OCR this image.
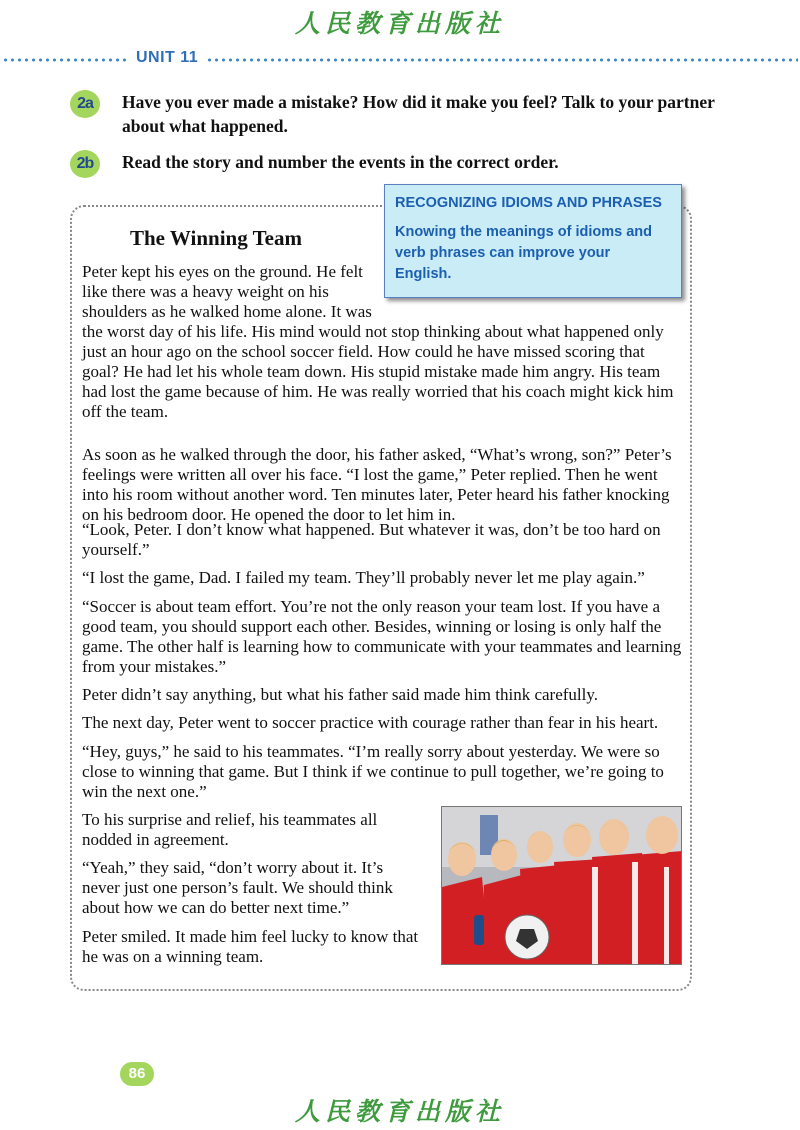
人民教育出版社
UNIT 11
2a	Have you ever made a mistake? How did it make you feel? Talk to your partner about what happened.
2b	Read the story and number the events in the correct order.
RECOGNIZING IDIOMS AND PHRASES
Knowing the meanings of idioms and verb phrases can improve your English.
The Winning Team
Peter kept his eyes on the ground. He felt
like there was a heavy weight on his
shoulders as he walked home alone. It was
the worst day of his life. His mind would not stop thinking about what happened only
just an hour ago on the school soccer field. How could he have missed scoring that
goal? He had let his whole team down. His stupid mistake made him angry. His team
had lost the game because of him. He was really worried that his coach might kick him
off the team.
As soon as he walked through the door, his father asked, “What’s wrong, son?” Peter’s feelings were written all over his face. “I lost the game,” Peter replied. Then he went into his room without another word. Ten minutes later, Peter heard his father knocking on his bedroom door. He opened the door to let him in.
“Look, Peter. I don’t know what happened. But whatever it was, don’t be too hard on yourself.”
“I lost the game, Dad. I failed my team. They’ll probably never let me play again.”
“Soccer is about team effort. You’re not the only reason your team lost. If you have a good team, you should support each other. Besides, winning or losing is only half the game. The other half is learning how to communicate with your teammates and learning from your mistakes.”
Peter didn’t say anything, but what his father said made him think carefully.
The next day, Peter went to soccer practice with courage rather than fear in his heart.
“Hey, guys,” he said to his teammates. “I’m really sorry about yesterday. We were so close to winning that game. But I think if we continue to pull together, we’re going to win the next one.”
To his surprise and relief, his teammates all nodded in agreement.
“Yeah,” they said, “don’t worry about it. It’s never just one person’s fault. We should think about how we can do better next time.”
Peter smiled. It made him feel lucky to know that he was on a winning team.
86
人民教育出版社
